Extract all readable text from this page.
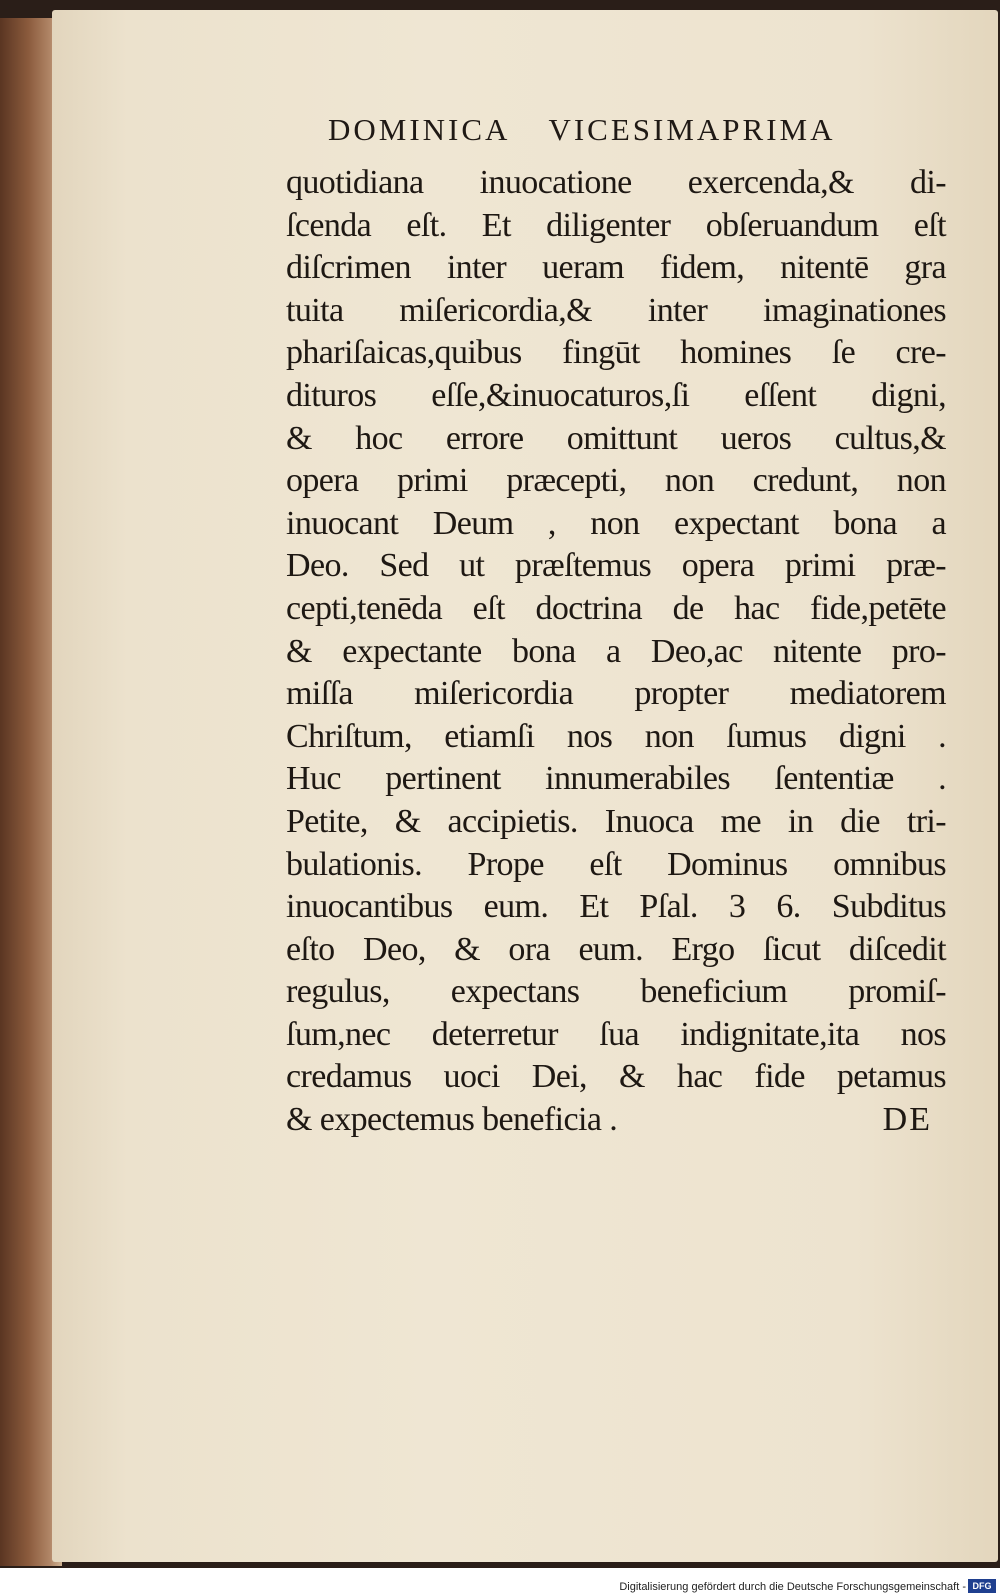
DOMINICA VICESIMAPRIMA
quotidiana inuocatione exercenda,& di-
ſcenda eſt. Et diligenter obſeruandum eſt
diſcrimen inter ueram fidem, nitentē gra
tuita miſericordia,& inter imaginationes
phariſaicas,quibus fingūt homines ſe cre-
dituros eſſe,&inuocaturos,ſi eſſent digni,
& hoc errore omittunt ueros cultus,&
opera primi præcepti, non credunt, non
inuocant Deum , non expectant bona a
Deo. Sed ut præſtemus opera primi præ-
cepti,tenēda eſt doctrina de hac fide,petēte
& expectante bona a Deo,ac nitente pro-
miſſa miſericordia propter mediatorem
Chriſtum, etiamſi nos non ſumus digni .
Huc pertinent innumerabiles ſententiæ .
Petite, & accipietis. Inuoca me in die tri-
bulationis. Prope eſt Dominus omnibus
inuocantibus eum. Et Pſal. 3 6. Subditus
eſto Deo, & ora eum. Ergo ſicut diſcedit
regulus, expectans beneficium promiſ-
ſum,nec deterretur ſua indignitate,ita nos
credamus uoci Dei, & hac fide petamus
& expectemus beneficia .	DE
Digitalisierung gefördert durch die Deutsche Forschungsgemeinschaft - DFG
